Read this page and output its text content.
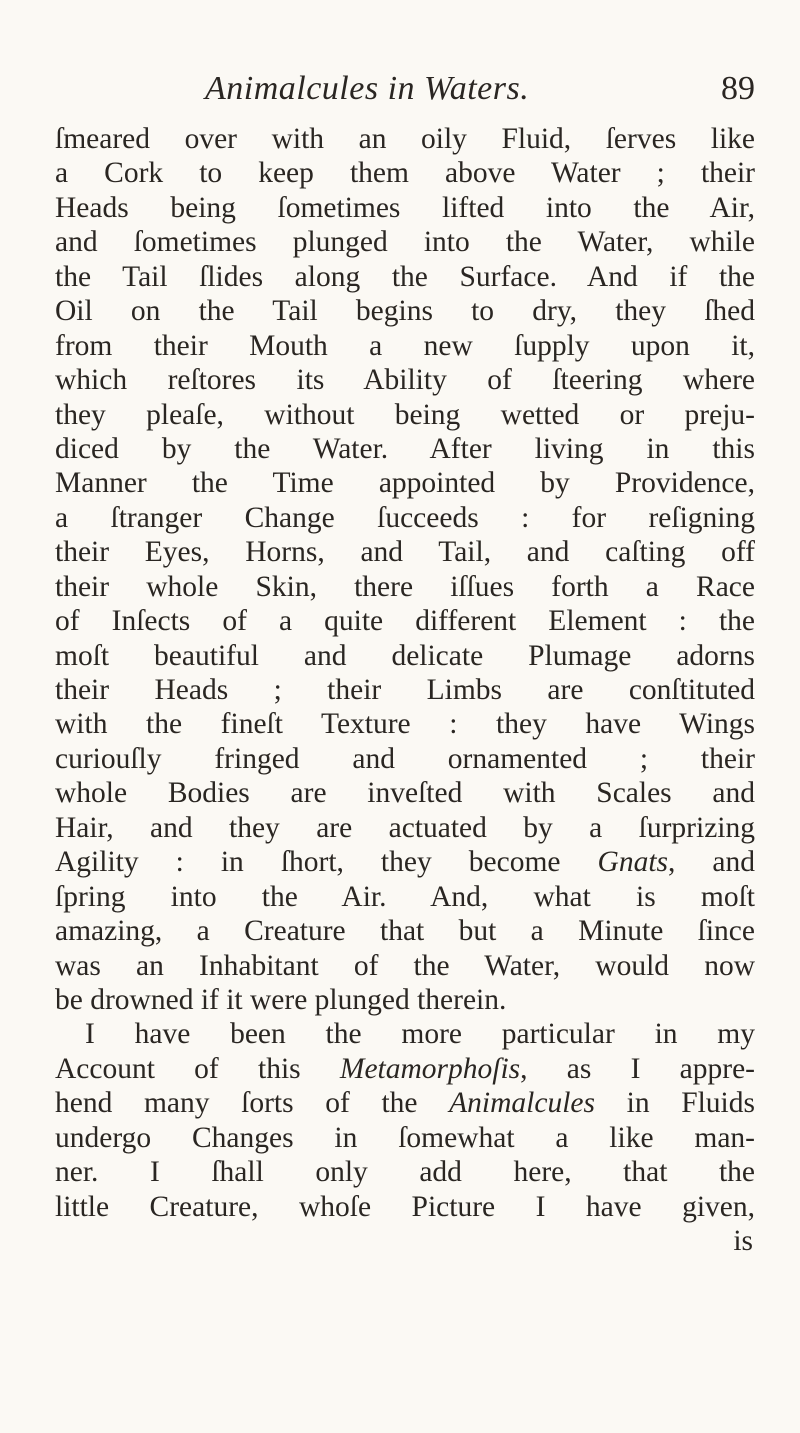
Animalcules in Waters.	89
ſmeared over with an oily Fluid, ſerves like
a Cork to keep them above Water ; their
Heads being ſometimes lifted into the Air,
and ſometimes plunged into the Water, while
the Tail ſlides along the Surface. And if the
Oil on the Tail begins to dry, they ſhed
from their Mouth a new ſupply upon it,
which reſtores its Ability of ſteering where
they pleaſe, without being wetted or preju-
diced by the Water. After living in this
Manner the Time appointed by Providence,
a ſtranger Change ſucceeds : for reſigning
their Eyes, Horns, and Tail, and caſting off
their whole Skin, there iſſues forth a Race
of Inſects of a quite different Element : the
moſt beautiful and delicate Plumage adorns
their Heads ; their Limbs are conſtituted
with the fineſt Texture : they have Wings
curiouſly fringed and ornamented ; their
whole Bodies are inveſted with Scales and
Hair, and they are actuated by a ſurprizing
Agility : in ſhort, they become Gnats, and
ſpring into the Air. And, what is moſt
amazing, a Creature that but a Minute ſince
was an Inhabitant of the Water, would now
be drowned if it were plunged therein.
I have been the more particular in my
Account of this Metamorphoſis, as I appre-
hend many ſorts of the Animalcules in Fluids
undergo Changes in ſomewhat a like man-
ner. I ſhall only add here, that the
little Creature, whoſe Picture I have given,
is
